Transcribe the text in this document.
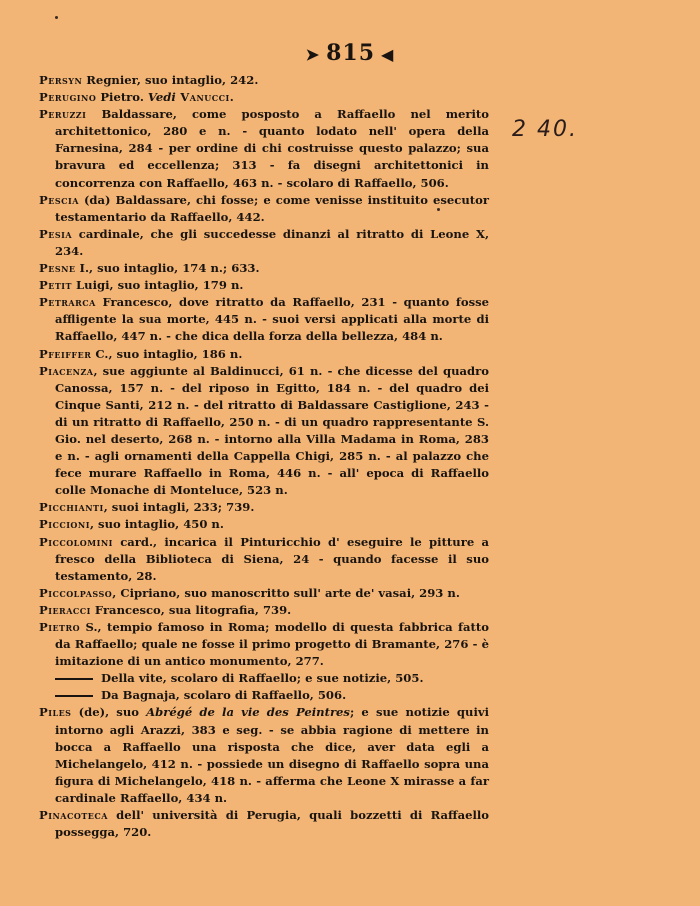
➤ 815 ◀
2 40.

Persyn Regnier, suo intaglio, 242.

Perugino Pietro. Vedi Vanucci.

Peruzzi Baldassare, come posposto a Raffaello nel merito architettonico, 280 e n. - quanto lodato nell' opera della Farnesina, 284 - per ordine di chi costruisse questo palazzo; sua bravura ed eccellenza; 313 - fa disegni architettonici in concorrenza con Raffaello, 463 n. - scolaro di Raffaello, 506.

Pescia (da) Baldassare, chi fosse; e come venisse instituito esecutor testamentario da Raffaello, 442.

Pesia cardinale, che gli succedesse dinanzi al ritratto di Leone X, 234.

Pesne I., suo intaglio, 174 n.; 633.

Petit Luigi, suo intaglio, 179 n.

Petrarca Francesco, dove ritratto da Raffaello, 231 - quanto fosse affligente la sua morte, 445 n. - suoi versi applicati alla morte di Raffaello, 447 n. - che dica della forza della bellezza, 484 n.

Pfeiffer C., suo intaglio, 186 n.

Piacenza, sue aggiunte al Baldinucci, 61 n. - che dicesse del quadro Canossa, 157 n. - del riposo in Egitto, 184 n. - del quadro dei Cinque Santi, 212 n. - del ritratto di Baldassare Castiglione, 243 - di un ritratto di Raffaello, 250 n. - di un quadro rappresentante S. Gio. nel deserto, 268 n. - intorno alla Villa Madama in Roma, 283 e n. - agli ornamenti della Cappella Chigi, 285 n. - al palazzo che fece murare Raffaello in Roma, 446 n. - all' epoca di Raffaello colle Monache di Monteluce, 523 n.

Picchianti, suoi intagli, 233; 739.

Piccioni, suo intaglio, 450 n.

Piccolomini card., incarica il Pinturicchio d' eseguire le pitture a fresco della Biblioteca di Siena, 24 - quando facesse il suo testamento, 28.

Piccolpasso, Cipriano, suo manoscritto sull' arte de' vasai, 293 n.

Pieracci Francesco, sua litografia, 739.

Pietro S., tempio famoso in Roma; modello di questa fabbrica fatto da Raffaello; quale ne fosse il primo progetto di Bramante, 276 - è imitazione di un antico monumento, 277.

Della vite, scolaro di Raffaello; e sue notizie, 505.

Da Bagnaja, scolaro di Raffaello, 506.

Piles (de), suo Abrégé de la vie des Peintres; e sue notizie quivi intorno agli Arazzi, 383 e seg. - se abbia ragione di mettere in bocca a Raffaello una risposta che dice, aver data egli a Michelangelo, 412 n. - possiede un disegno di Raffaello sopra una figura di Michelangelo, 418 n. - afferma che Leone X mirasse a far cardinale Raffaello, 434 n.

Pinacoteca dell' università di Perugia, quali bozzetti di Raffaello possegga, 720.
